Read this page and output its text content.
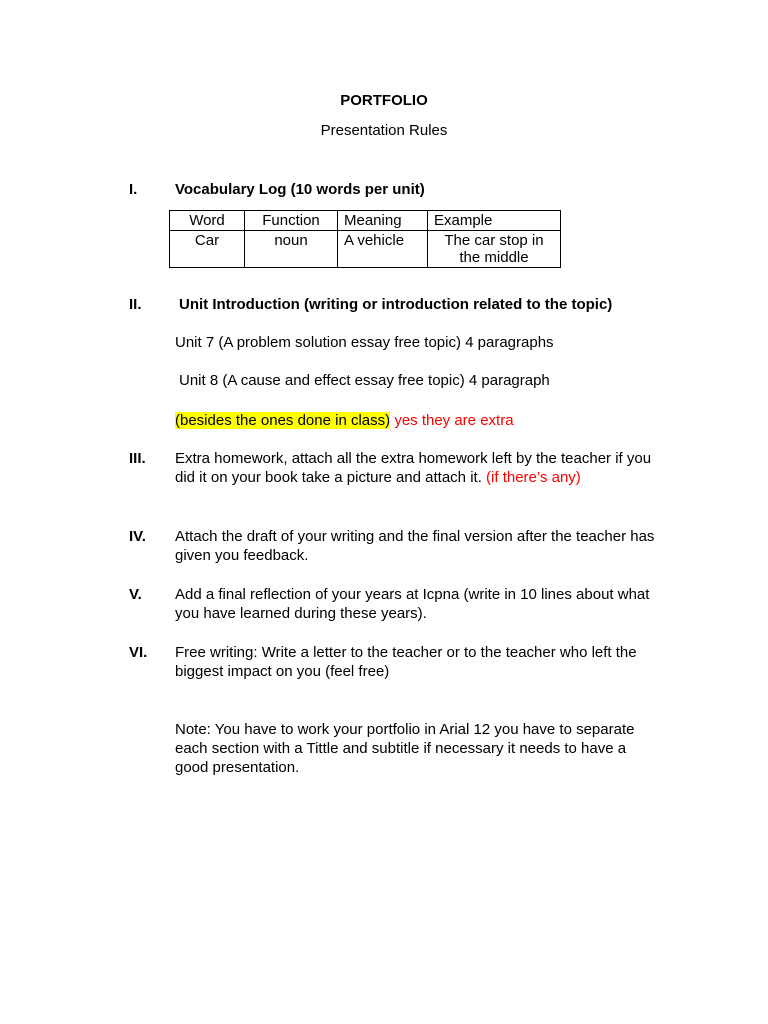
PORTFOLIO
Presentation Rules
I.	Vocabulary Log (10 words per unit)
Word	Function	Meaning	Example
Car	noun	A vehicle	The car stop in the middle
II. Unit Introduction (writing or introduction related to the topic)
Unit 7 (A problem solution essay free topic) 4 paragraphs
Unit 8 (A cause and effect essay free topic) 4 paragraph
(besides the ones done in class) yes they are extra
III. Extra homework, attach all the extra homework left by the teacher if you did it on your book take a picture and attach it. (if there’s any)
IV. Attach the draft of your writing and the final version after the teacher has given you feedback.
V. Add a final reflection of your years at Icpna (write in 10 lines about what you have learned during these years).
VI. Free writing: Write a letter to the teacher or to the teacher who left the biggest impact on you (feel free)
Note: You have to work your portfolio in Arial 12 you have to separate each section with a Tittle and subtitle if necessary it needs to have a good presentation.
